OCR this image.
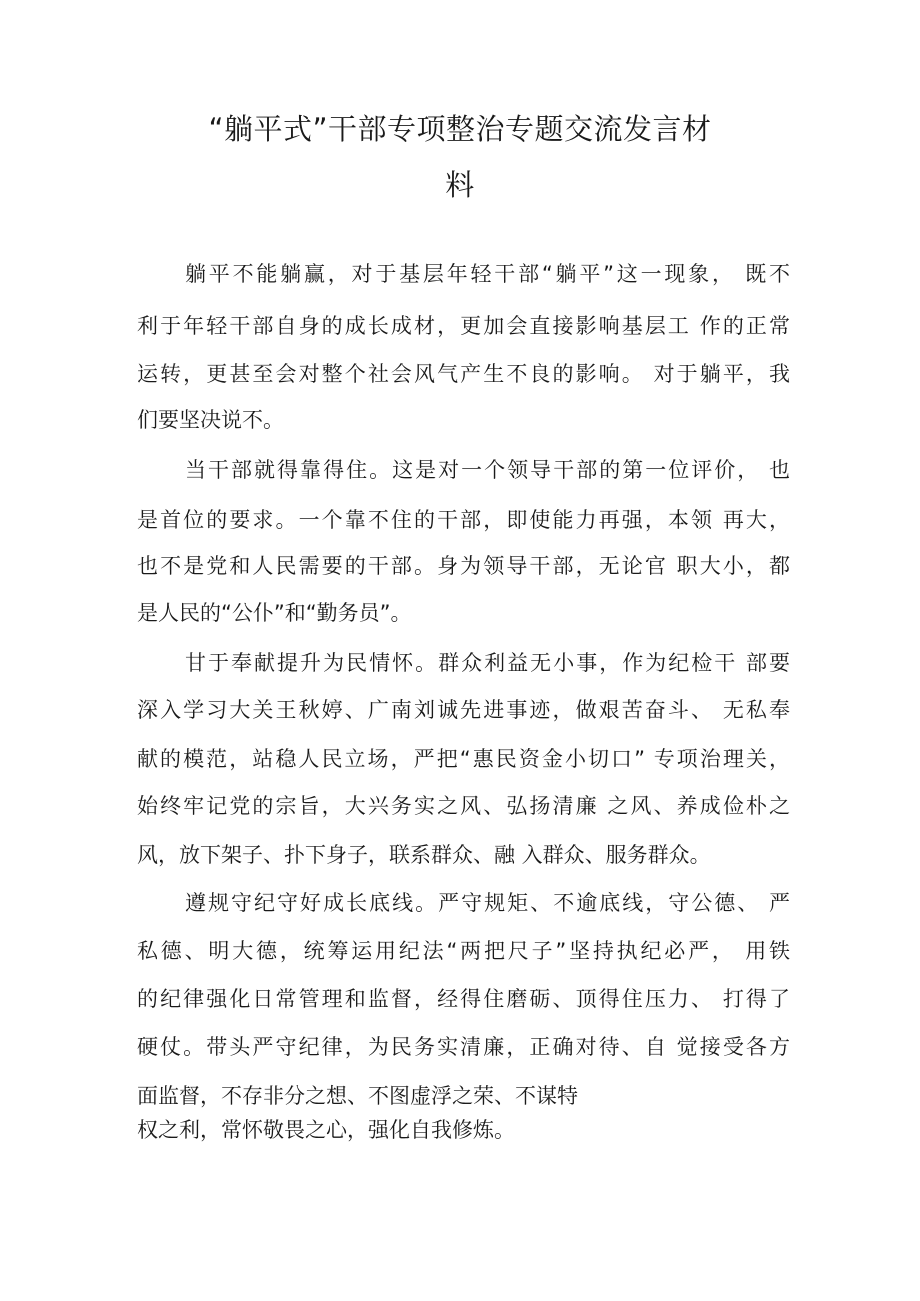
“躺平式”干部专项整治专题交流发言材
料
躺平不能躺赢，对于基层年轻干部“躺平”这一现象， 既不
利于年轻干部自身的成长成材，更加会直接影响基层工 作的正常
运转，更甚至会对整个社会风气产生不良的影响。 对于躺平，我
们要坚决说不。
当干部就得靠得住。这是对一个领导干部的第一位评价， 也
是首位的要求。一个靠不住的干部，即使能力再强，本领 再大，
也不是党和人民需要的干部。身为领导干部，无论官 职大小，都
是人民的“公仆”和“勤务员”。
甘于奉献提升为民情怀。群众利益无小事，作为纪检干 部要
深入学习大关王秋婷、广南刘诚先进事迹，做艰苦奋斗、 无私奉
献的模范，站稳人民立场，严把“惠民资金小切口” 专项治理关，
始终牢记党的宗旨，大兴务实之风、弘扬清廉 之风、养成俭朴之
风，放下架子、扑下身子，联系群众、融 入群众、服务群众。
遵规守纪守好成长底线。严守规矩、不逾底线，守公德、 严
私德、明大德，统筹运用纪法“两把尺子”坚持执纪必严， 用铁
的纪律强化日常管理和监督，经得住磨砺、顶得住压力、 打得了
硬仗。带头严守纪律，为民务实清廉，正确对待、自 觉接受各方
面监督，不存非分之想、不图虚浮之荣、不谋特
权之利，常怀敬畏之心，强化自我修炼。
